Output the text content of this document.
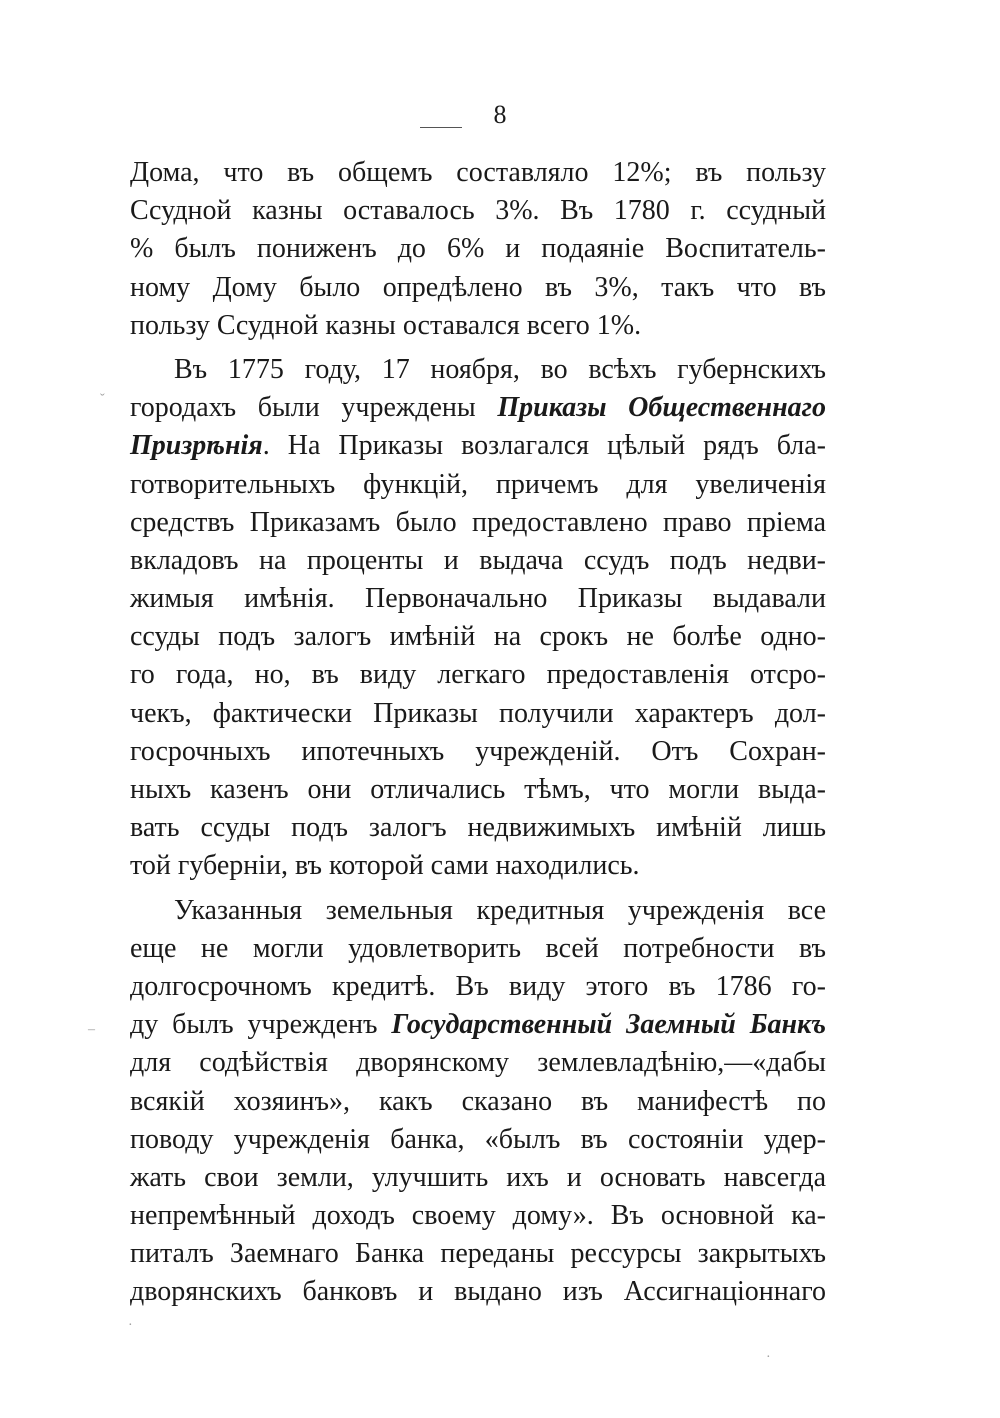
8
Дома, что въ общемъ составляло 12%; въ пользу
Ссудной казны оставалось 3%. Въ 1780 г. ссудный
% былъ пониженъ до 6% и подаяніе Воспитатель-
ному Дому было опредѣлено въ 3%, такъ что въ
пользу Ссудной казны оставался всего 1%.
Въ 1775 году, 17 ноября, во всѣхъ губернскихъ
городахъ были учреждены Приказы Общественнаго
Призрѣнія. На Приказы возлагался цѣлый рядъ бла-
готворительныхъ функцій, причемъ для увеличенія
средствъ Приказамъ было предоставлено право пріема
вкладовъ на проценты и выдача ссудъ подъ недви-
жимыя имѣнія. Первоначально Приказы выдавали
ссуды подъ залогъ имѣній на срокъ не болѣе одно-
го года, но, въ виду легкаго предоставленія отсро-
чекъ, фактически Приказы получили характеръ дол-
госрочныхъ ипотечныхъ учрежденій. Отъ Сохран-
ныхъ казенъ они отличались тѣмъ, что могли выда-
вать ссуды подъ залогъ недвижимыхъ имѣній лишь
той губерніи, въ которой сами находились.
Указанныя земельныя кредитныя учрежденія все
еще не могли удовлетворить всей потребности въ
долгосрочномъ кредитѣ. Въ виду этого въ 1786 го-
ду былъ учрежденъ Государственный Заемный Банкъ
для содѣйствія дворянскому землевладѣнію,—«дабы
всякій хозяинъ», какъ сказано въ манифестѣ по
поводу учрежденія банка, «былъ въ состояніи удер-
жать свои земли, улучшить ихъ и основать навсегда
непремѣнный доходъ своему дому». Въ основной ка-
питалъ Заемнаго Банка переданы рессурсы закрытыхъ
дворянскихъ банковъ и выдано изъ Ассигнаціоннаго
ˇ
–
·
·
